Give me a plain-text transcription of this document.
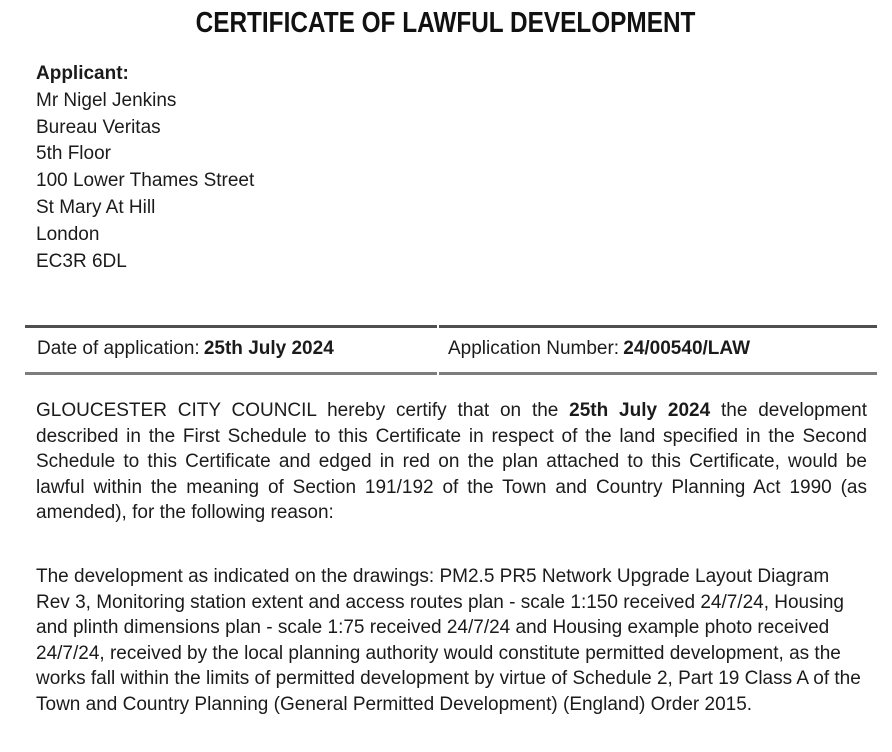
CERTIFICATE OF LAWFUL DEVELOPMENT
Applicant:
Mr Nigel Jenkins
Bureau Veritas
5th Floor
100 Lower Thames Street
St Mary At Hill
London
EC3R 6DL
Date of application: 25th July 2024	Application Number: 24/00540/LAW

GLOUCESTER CITY COUNCIL hereby certify that on the 25th July 2024 the development described in the First Schedule to this Certificate in respect of the land specified in the Second Schedule to this Certificate and edged in red on the plan attached to this Certificate, would be lawful within the meaning of Section 191/192 of the Town and Country Planning Act 1990 (as amended), for the following reason:

The development as indicated on the drawings: PM2.5 PR5 Network Upgrade Layout Diagram Rev 3, Monitoring station extent and access routes plan - scale 1:150 received 24/7/24, Housing and plinth dimensions plan - scale 1:75 received 24/7/24 and Housing example photo received 24/7/24, received by the local planning authority would constitute permitted development, as the works fall within the limits of permitted development by virtue of Schedule 2, Part 19 Class A of the Town and Country Planning (General Permitted Development) (England) Order 2015.
